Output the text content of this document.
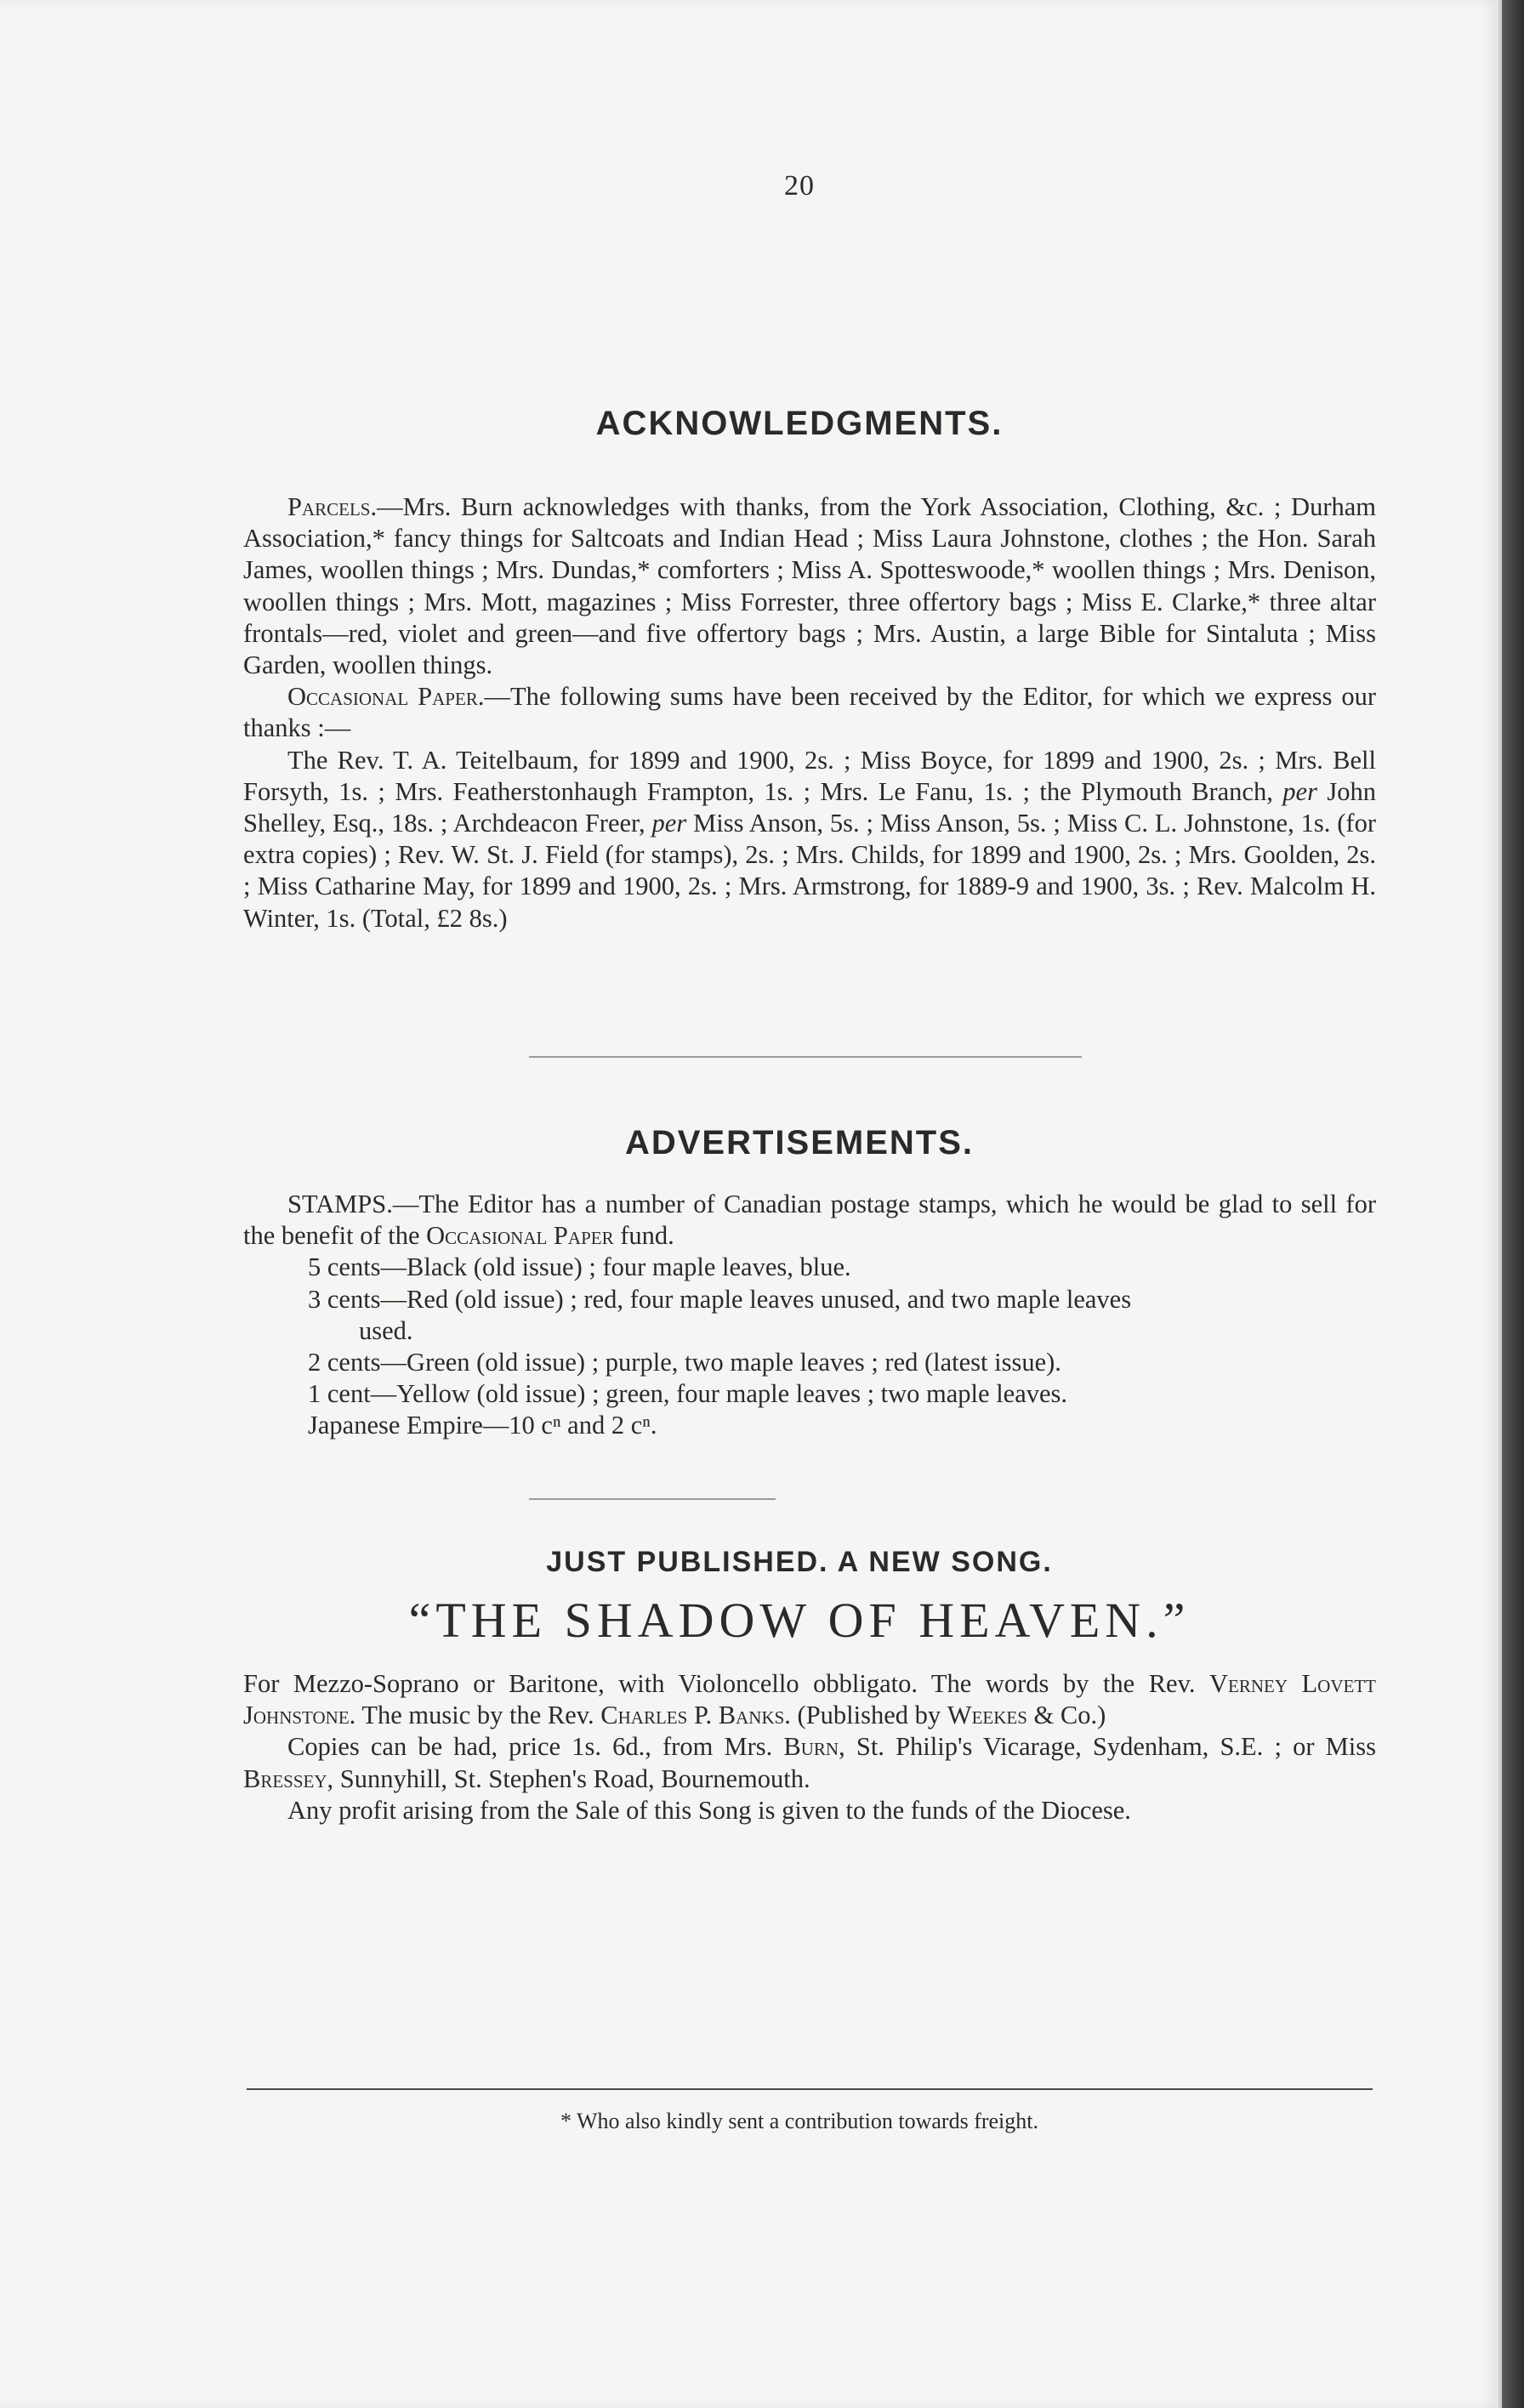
20
ACKNOWLEDGMENTS.

Parcels.—Mrs. Burn acknowledges with thanks, from the York Association, Clothing, &c. ; Durham Association,* fancy things for Saltcoats and Indian Head ; Miss Laura Johnstone, clothes ; the Hon. Sarah James, woollen things ; Mrs. Dundas,* comforters ; Miss A. Spotteswoode,* woollen things ; Mrs. Denison, woollen things ; Mrs. Mott, magazines ; Miss Forrester, three offertory bags ; Miss E. Clarke,* three altar frontals—red, violet and green—and five offertory bags ; Mrs. Austin, a large Bible for Sintaluta ; Miss Garden, woollen things.

Occasional Paper.—The following sums have been received by the Editor, for which we express our thanks :—

The Rev. T. A. Teitelbaum, for 1899 and 1900, 2s. ; Miss Boyce, for 1899 and 1900, 2s. ; Mrs. Bell Forsyth, 1s. ; Mrs. Featherstonhaugh Frampton, 1s. ; Mrs. Le Fanu, 1s. ; the Plymouth Branch, per John Shelley, Esq., 18s. ; Archdeacon Freer, per Miss Anson, 5s. ; Miss Anson, 5s. ; Miss C. L. Johnstone, 1s. (for extra copies) ; Rev. W. St. J. Field (for stamps), 2s. ; Mrs. Childs, for 1899 and 1900, 2s. ; Mrs. Goolden, 2s. ; Miss Catharine May, for 1899 and 1900, 2s. ; Mrs. Armstrong, for 1889-9 and 1900, 3s. ; Rev. Malcolm H. Winter, 1s. (Total, £2 8s.)

ADVERTISEMENTS.

STAMPS.—The Editor has a number of Canadian postage stamps, which he would be glad to sell for the benefit of the Occasional Paper fund.

5 cents—Black (old issue) ; four maple leaves, blue.

3 cents—Red (old issue) ; red, four maple leaves unused, and two maple leaves

used.

2 cents—Green (old issue) ; purple, two maple leaves ; red (latest issue).

1 cent—Yellow (old issue) ; green, four maple leaves ; two maple leaves.

Japanese Empire—10 cⁿ and 2 cⁿ.

JUST PUBLISHED. A NEW SONG.
“THE SHADOW OF HEAVEN.”

For Mezzo-Soprano or Baritone, with Violoncello obbligato. The words by the Rev. Verney Lovett Johnstone. The music by the Rev. Charles P. Banks. (Published by Weekes & Co.)

Copies can be had, price 1s. 6d., from Mrs. Burn, St. Philip's Vicarage, Sydenham, S.E. ; or Miss Bressey, Sunnyhill, St. Stephen's Road, Bournemouth.

Any profit arising from the Sale of this Song is given to the funds of the Diocese.

* Who also kindly sent a contribution towards freight.
